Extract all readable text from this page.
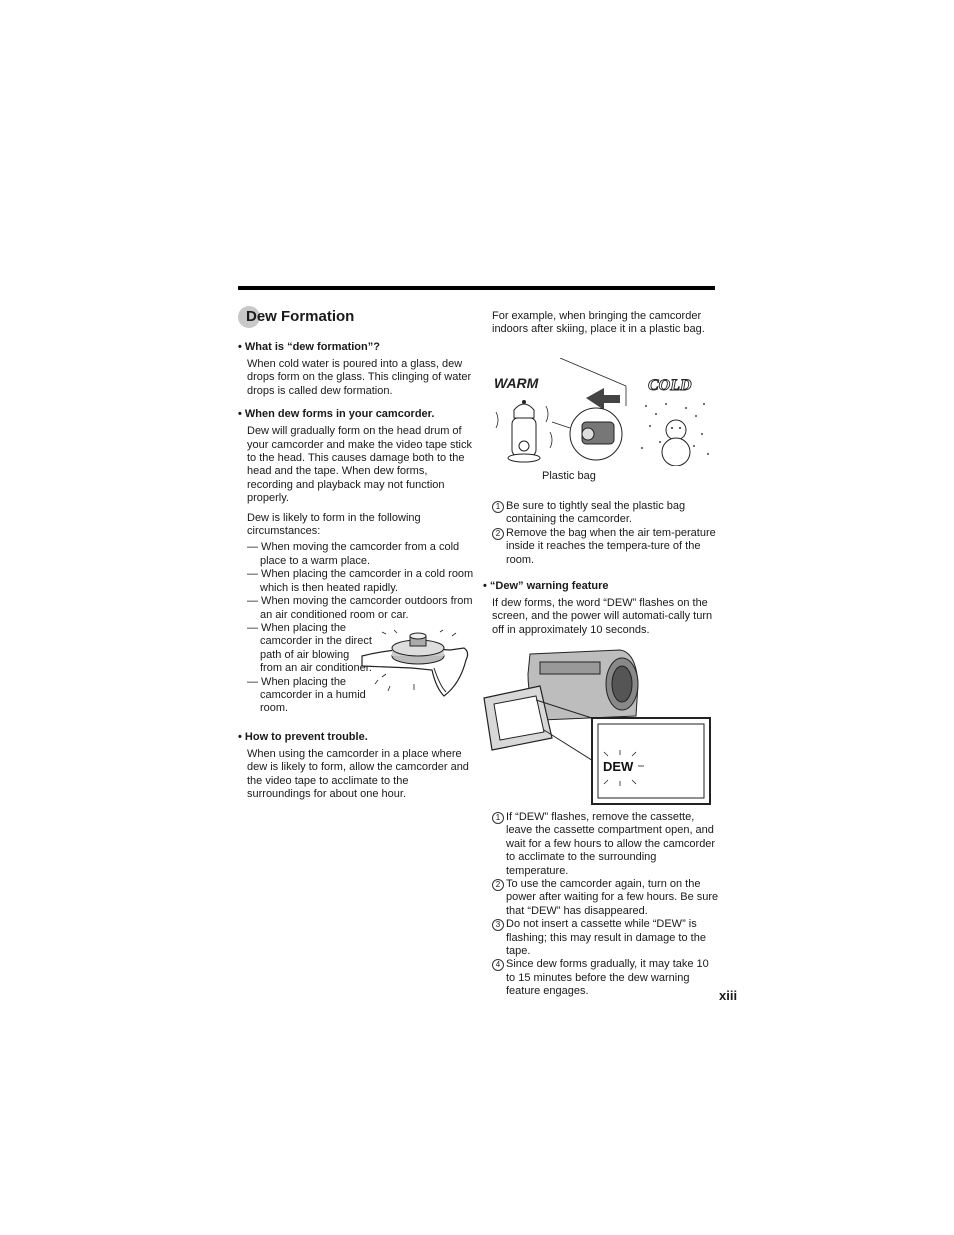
Dew Formation
• What is “dew formation”?

When cold water is poured into a glass, dew drops form on the glass. This clinging of water drops is called dew formation.

• When dew forms in your camcorder.

Dew will gradually form on the head drum of your camcorder and make the video tape stick to the head. This causes damage both to the head and the tape. When dew forms, recording and playback may not function properly.

Dew is likely to form in the following circumstances:

— When moving the camcorder from a cold place to a warm place.
— When placing the camcorder in a cold room which is then heated rapidly.
— When moving the camcorder outdoors from an air conditioned room or car.
— When placing the camcorder in the direct path of air blowing from an air conditioner.
— When placing the camcorder in a humid room.
• How to prevent trouble.

When using the camcorder in a place where dew is likely to form, allow the camcorder and the video tape to acclimate to the surroundings for about one hour.

For example, when bringing the camcorder indoors after skiing, place it in a plastic bag.

WARM	COLD
Plastic bag
1 Be sure to tightly seal the plastic bag containing the camcorder.
2 Remove the bag when the air tem-perature inside it reaches the tempera-ture of the room.
• “Dew” warning feature

If dew forms, the word “DEW” flashes on the screen, and the power will automati-cally turn off in approximately 10 seconds.

DEW
1 If “DEW” flashes, remove the cassette, leave the cassette compartment open, and wait for a few hours to allow the camcorder to acclimate to the surrounding temperature.
2 To use the camcorder again, turn on the power after waiting for a few hours. Be sure that “DEW” has disappeared.
3 Do not insert a cassette while “DEW” is flashing; this may result in damage to the tape.
4 Since dew forms gradually, it may take 10 to 15 minutes before the dew warning feature engages.	xiii
